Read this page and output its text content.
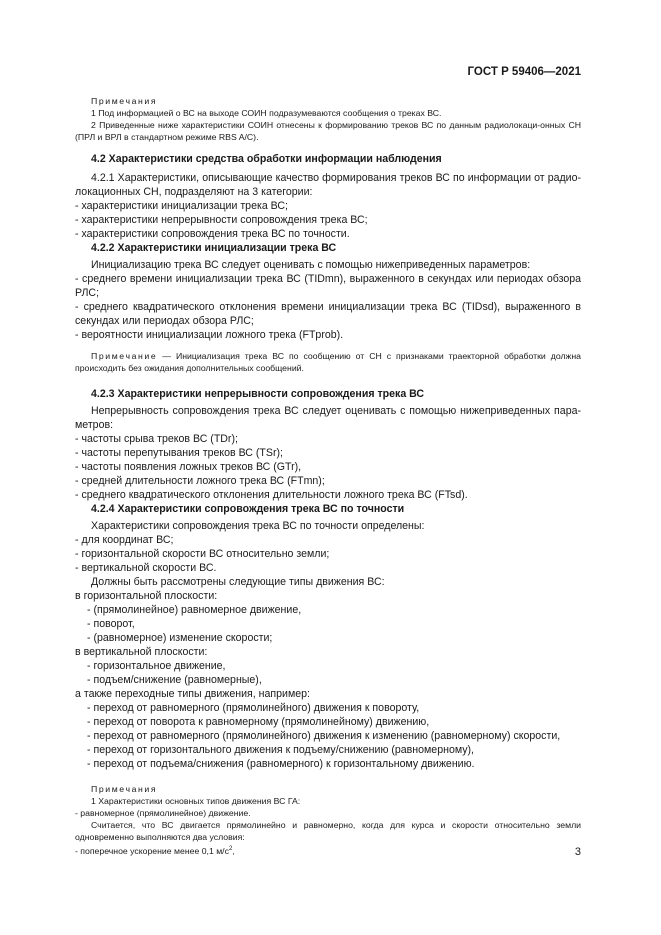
ГОСТ Р 59406—2021

Примечания

1 Под информацией о ВС на выходе СОИН подразумеваются сообщения о треках ВС.

2 Приведенные ниже характеристики СОИН отнесены к формированию треков ВС по данным радиолокаци-онных СН (ПРЛ и ВРЛ в стандартном режиме RBS A/C).

4.2 Характеристики средства обработки информации наблюдения

4.2.1 Характеристики, описывающие качество формирования треков ВС по информации от радио-локационных СН, подразделяют на 3 категории:

- характеристики инициализации трека ВС;

- характеристики непрерывности сопровождения трека ВС;

- характеристики сопровождения трека ВС по точности.

4.2.2 Характеристики инициализации трека ВС

Инициализацию трека ВС следует оценивать с помощью нижеприведенных параметров:

- среднего времени инициализации трека ВС (TIDmn), выраженного в секундах или периодах обзора РЛС;

- среднего квадратического отклонения времени инициализации трека ВС (TIDsd), выраженного в секундах или периодах обзора РЛС;

- вероятности инициализации ложного трека (FTprob).

Примечание — Инициализация трека ВС по сообщению от СН с признаками траекторной обработки должна происходить без ожидания дополнительных сообщений.

4.2.3 Характеристики непрерывности сопровождения трека ВС

Непрерывность сопровождения трека ВС следует оценивать с помощью нижеприведенных пара-метров:

- частоты срыва треков ВС (TDr);

- частоты перепутывания треков ВС (TSr);

- частоты появления ложных треков ВС (GTr),

- средней длительности ложного трека ВС (FTmn);

- среднего квадратического отклонения длительности ложного трека ВС (FTsd).

4.2.4 Характеристики сопровождения трека ВС по точности

Характеристики сопровождения трека ВС по точности определены:

- для координат ВС;

- горизонтальной скорости ВС относительно земли;

- вертикальной скорости ВС.

Должны быть рассмотрены следующие типы движения ВС:

в горизонтальной плоскости:

- (прямолинейное) равномерное движение,

- поворот,

- (равномерное) изменение скорости;

в вертикальной плоскости:

- горизонтальное движение,

- подъем/снижение (равномерные),

а также переходные типы движения, например:

- переход от равномерного (прямолинейного) движения к повороту,

- переход от поворота к равномерному (прямолинейному) движению,

- переход от равномерного (прямолинейного) движения к изменению (равномерному) скорости,

- переход от горизонтального движения к подъему/снижению (равномерному),

- переход от подъема/снижения (равномерного) к горизонтальному движению.

Примечания

1 Характеристики основных типов движения ВС ГА:

- равномерное (прямолинейное) движение.

Считается, что ВС двигается прямолинейно и равномерно, когда для курса и скорости относительно земли одновременно выполняются два условия:

- поперечное ускорение менее 0,1 $м/с^2$,	3
